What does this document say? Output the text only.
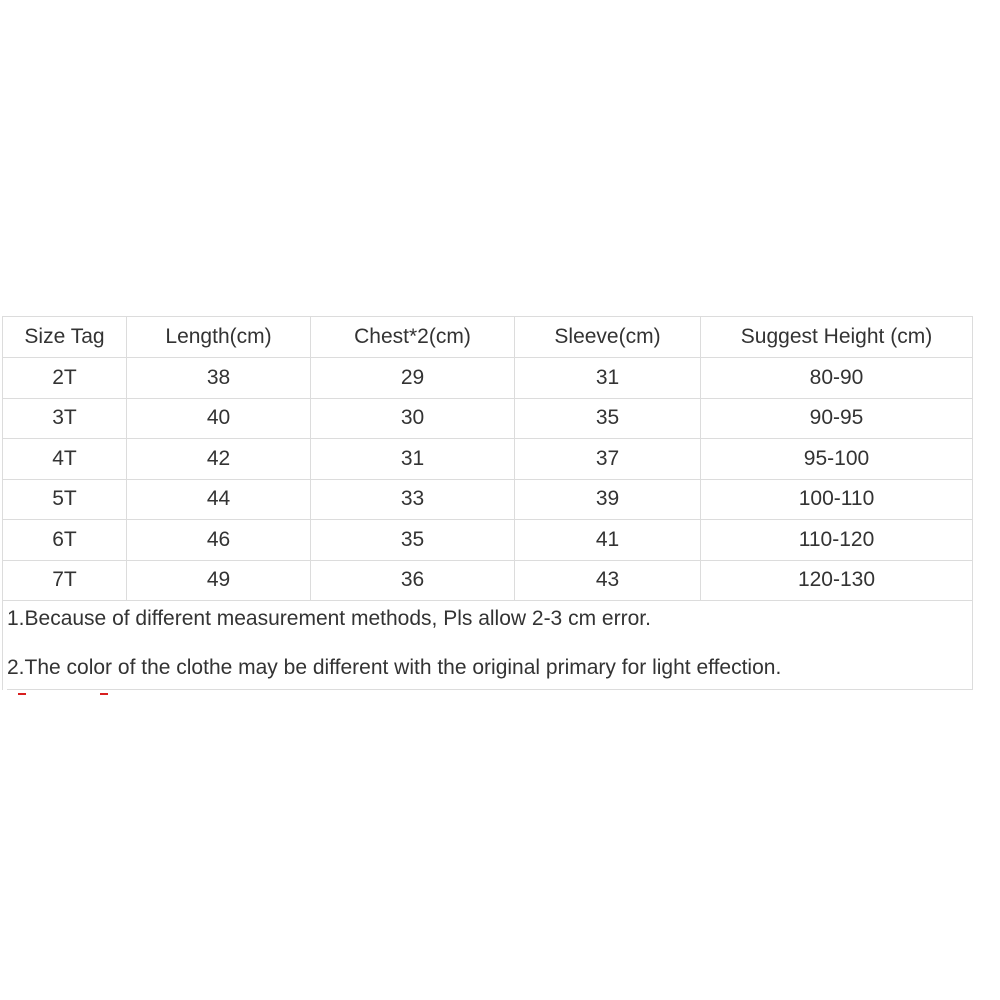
Size Tag	Length(cm)	Chest*2(cm)	Sleeve(cm)	Suggest Height (cm)
2T	38	29	31	80-90
3T	40	30	35	90-95
4T	42	31	37	95-100
5T	44	33	39	100-110
6T	46	35	41	110-120
7T	49	36	43	120-130

1.Because of different measurement methods, Pls allow 2-3 cm error.
2.The color of the clothe may be different with the original primary for light effection.				
